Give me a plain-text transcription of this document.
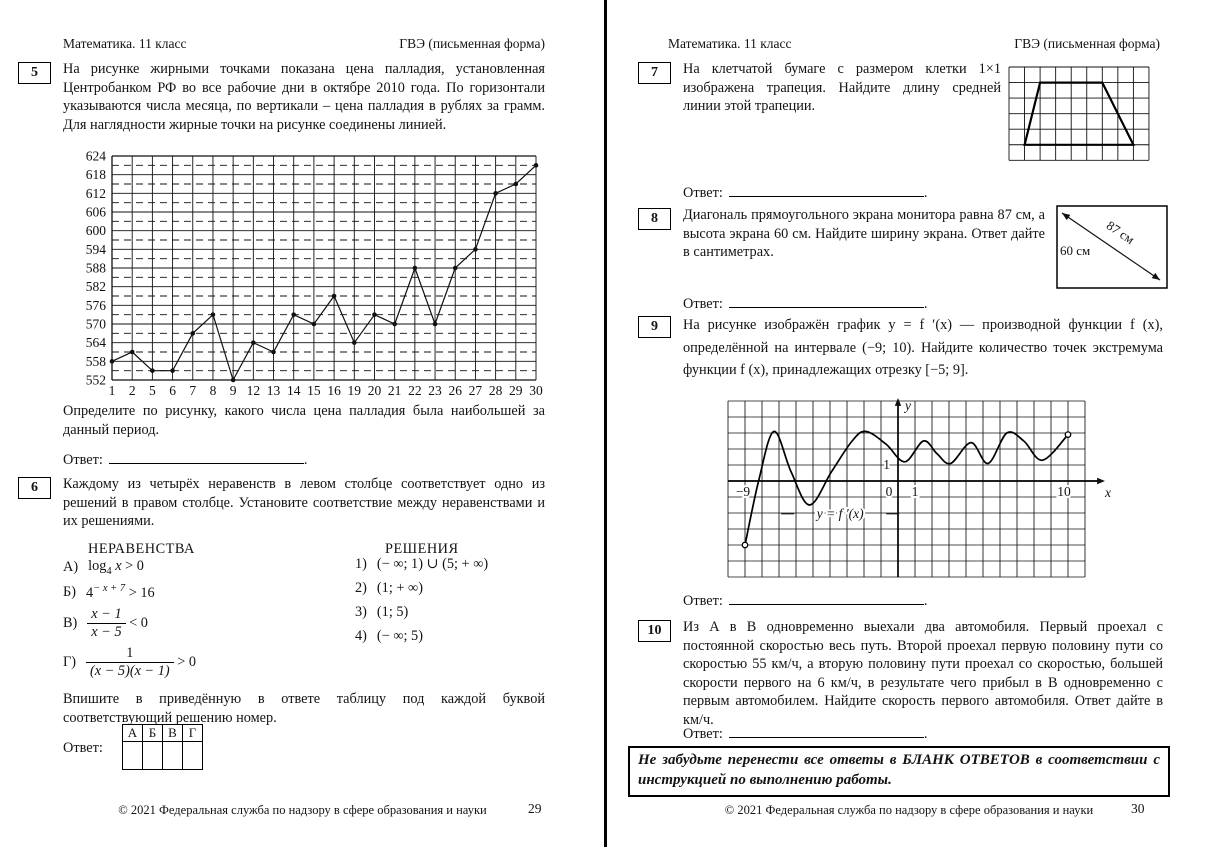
Математика. 11 класс	ГВЭ (письменная форма)
5	На рисунке жирными точками показана цена палладия, установленная Центробанком РФ во все рабочие дни в октябре 2010 года. По горизонтали указываются числа месяца, по вертикали – цена палладия в рублях за грамм. Для наглядности жирные точки на рисунке соединены линией.
552
558
564
570
576
582
588
594
600
606
612
618
624
1 2 5 6 7 8 9 12 13 14 15 16 19 20 21 22 23 26 27 28 29 30
Определите по рисунку, какого числа цена палладия была наибольшей за данный период.
Ответ:	.
6	Каждому из четырёх неравенств в левом столбце соответствует одно из решений в правом столбце. Установите соответствие между неравенствами и их решениями.
НЕРАВЕНСТВА	РЕШЕНИЯ
А) $\log_4 x > 0$
Б) $4^{- x + 7} > 16$
$В) \frac{x - 1}{x - 5} < 0$
$Г) \frac{1}{(x - 5)(x - 1)} > 0$
1) (− ∞; 1) ∪ (5; + ∞)
2) (1; + ∞)
3) (1; 5)
4) (− ∞; 5)
Впишите в приведённую в ответе таблицу под каждой буквой соответствующий решению номер.
Ответ:
А	Б	В	Г

© 2021 Федеральная служба по надзору в сфере образования и науки	29
Математика. 11 класс	ГВЭ (письменная форма)
7	На клетчатой бумаге с размером клетки 1×1 изображена трапеция. Найдите длину средней линии этой трапеции.
Ответ:	.
8	Диагональ прямоугольного экрана монитора равна 87 см, а высота экрана 60 см. Найдите ширину экрана. Ответ дайте в сантиметрах.	60 см
87 см
Ответ:	.
9	На рисунке изображён график y = f ′(x) — производной функции f (x), определённой на интервале (−9; 10). Найдите количество точек экстремума функции f (x), принадлежащих отрезку [−5; 9].
y
x
−9	0 1	10
1
y = f ′(x)
Ответ:	.
10	Из А в В одновременно выехали два автомобиля. Первый проехал с постоянной скоростью весь путь. Второй проехал первую половину пути со скоростью 55 км/ч, а вторую половину пути проехал со скоростью, большей скорости первого на 6 км/ч, в результате чего прибыл в В одновременно с первым автомобилем. Найдите скорость первого автомобиля. Ответ дайте в км/ч.
Ответ:	.
Не забудьте перенести все ответы в БЛАНК ОТВЕТОВ в соответствии с инструкцией по выполнению работы.
© 2021 Федеральная служба по надзору в сфере образования и науки	30
